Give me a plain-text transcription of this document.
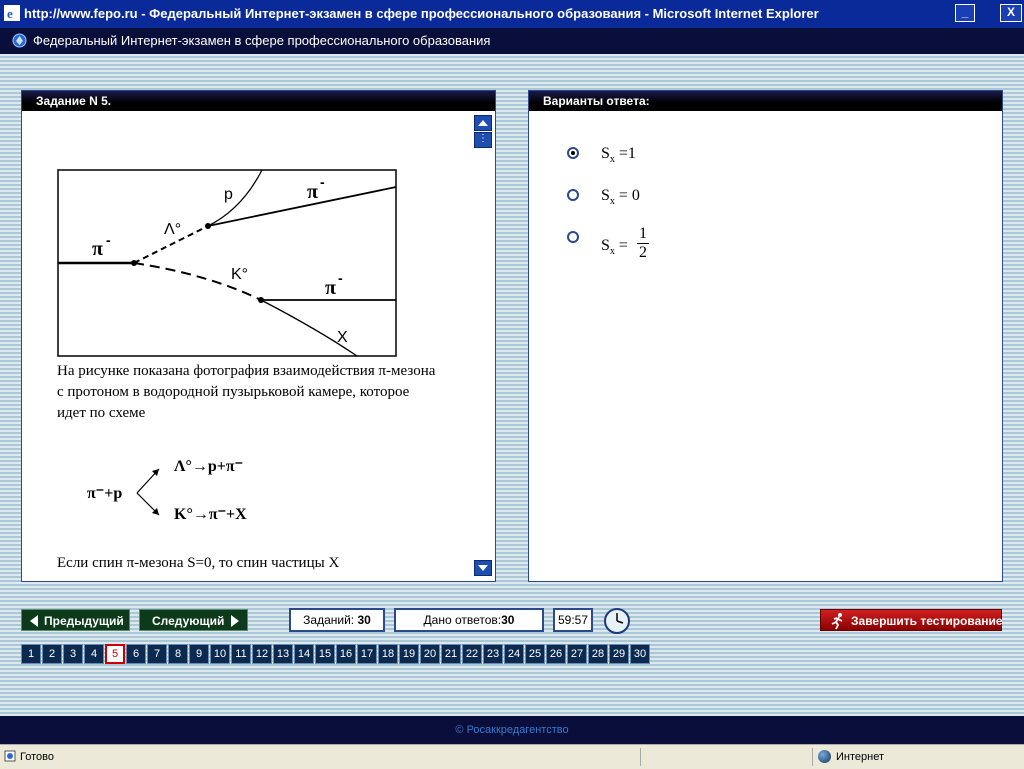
e http://www.fepo.ru - Федеральный Интернет-экзамен в сфере профессионального образования - Microsoft Internet Explorer	_	X
Федеральный Интернет-экзамен в сфере профессионального образования
Задание N 5.
π -
Λ°
p	π -
K°
π -
X
На рисунке показана фотография взаимодействия π-мезона с протоном в водородной пузырьковой камере, которое идет по схеме
π⁻+p
Λ°→p+π⁻
K°→π⁻+X
Если спин π-мезона S=0, то спин частицы X
⋮
Варианты ответа:
$S_x =1$
$S_x = 0$
$S_x = \frac{1}{2}$
Предыдущий	Следующий	Заданий: 30	Дано ответов:30	59:57	Завершить тестирование
1	2	3	4	5	6	7	8	9	10 11 12 13 14 15 16 17 18 19 20 21 22 23 24 25 26 27 28 29 30
© Росаккредагентство
Готово	Интернет
